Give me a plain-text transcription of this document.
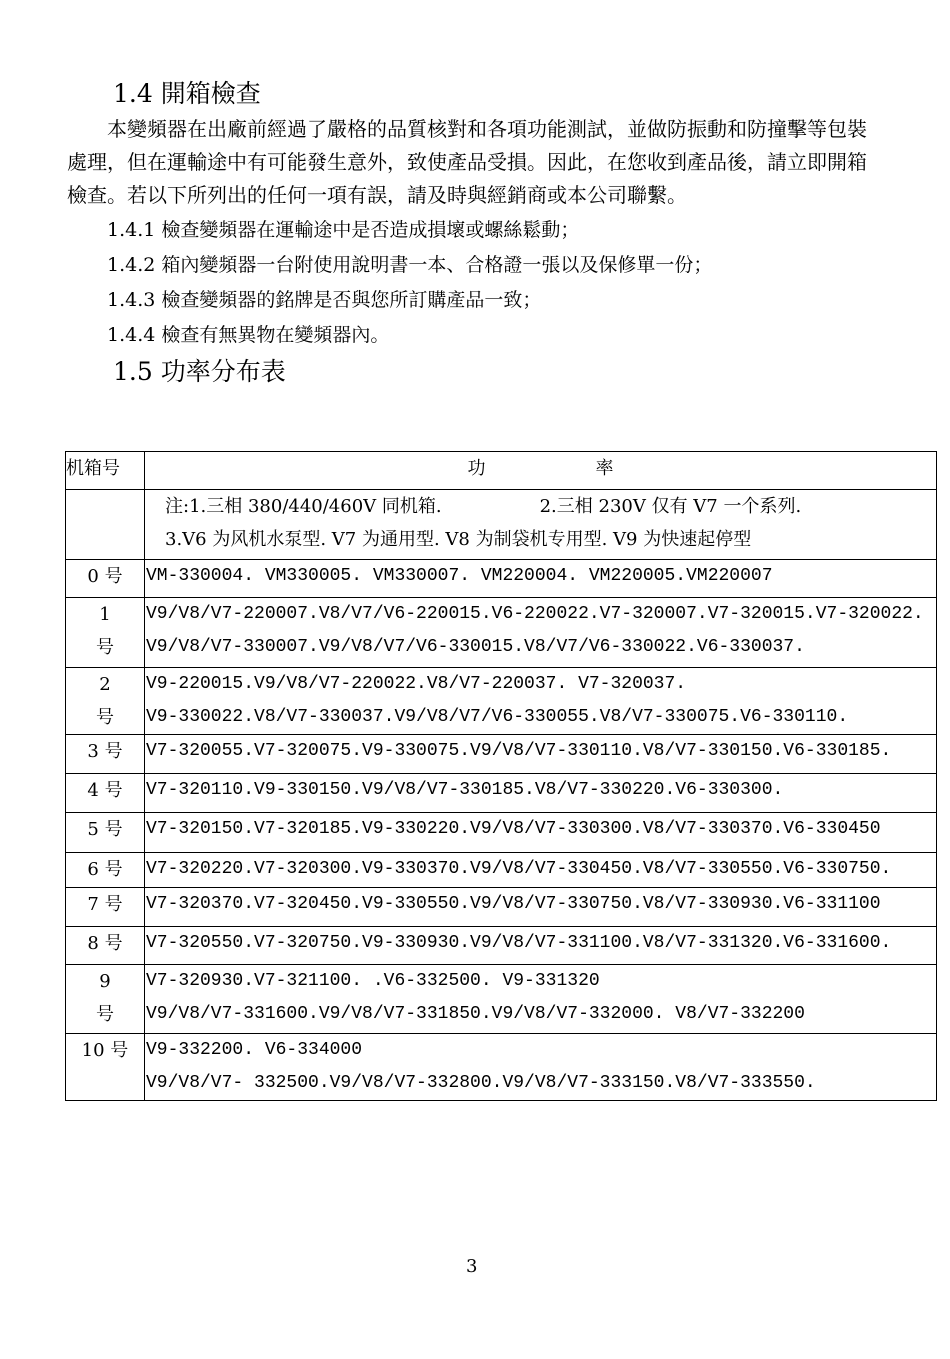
1.4 開箱檢查
本變頻器在出廠前經過了嚴格的品質核對和各項功能測試，並做防振動和防撞擊等包裝
處理，但在運輸途中有可能發生意外，致使產品受損。因此，在您收到產品後，請立即開箱
檢查。若以下所列出的任何一項有誤，請及時與經銷商或本公司聯繫。
1.4.1 檢查變頻器在運輸途中是否造成損壞或螺絲鬆動；
1.4.2 箱內變頻器一台附使用說明書一本、合格證一張以及保修單一份；
1.4.3 檢查變頻器的銘牌是否與您所訂購產品一致；
1.4.4 檢查有無異物在變頻器內。
1.5 功率分布表
机箱号	功 率

	注:1.三相 380/440/460V 同机箱. 2.三相 230V 仅有 V7 一个系列.
3.V6 为风机水泵型. V7 为通用型. V8 为制袋机专用型. V9 为快速起停型

0 号	VM-330004. VM330005. VM330007. VM220004. VM220005.VM220007

1
号	V9/V8/V7-220007.V8/V7/V6-220015.V6-220022.V7-320007.V7-320015.V7-320022.
V9/V8/V7-330007.V9/V8/V7/V6-330015.V8/V7/V6-330022.V6-330037.

2
号	V9-220015.V9/V8/V7-220022.V8/V7-220037. V7-320037.
V9-330022.V8/V7-330037.V9/V8/V7/V6-330055.V8/V7-330075.V6-330110.

3 号	V7-320055.V7-320075.V9-330075.V9/V8/V7-330110.V8/V7-330150.V6-330185.

4 号	V7-320110.V9-330150.V9/V8/V7-330185.V8/V7-330220.V6-330300.

5 号	V7-320150.V7-320185.V9-330220.V9/V8/V7-330300.V8/V7-330370.V6-330450

6 号	V7-320220.V7-320300.V9-330370.V9/V8/V7-330450.V8/V7-330550.V6-330750.

7 号	V7-320370.V7-320450.V9-330550.V9/V8/V7-330750.V8/V7-330930.V6-331100

8 号	V7-320550.V7-320750.V9-330930.V9/V8/V7-331100.V8/V7-331320.V6-331600.

9
号	V7-320930.V7-321100. .V6-332500. V9-331320
V9/V8/V7-331600.V9/V8/V7-331850.V9/V8/V7-332000. V8/V7-332200

10 号	V9-332200. V6-334000
V9/V8/V7- 332500.V9/V8/V7-332800.V9/V8/V7-333150.V8/V7-333550.
3
